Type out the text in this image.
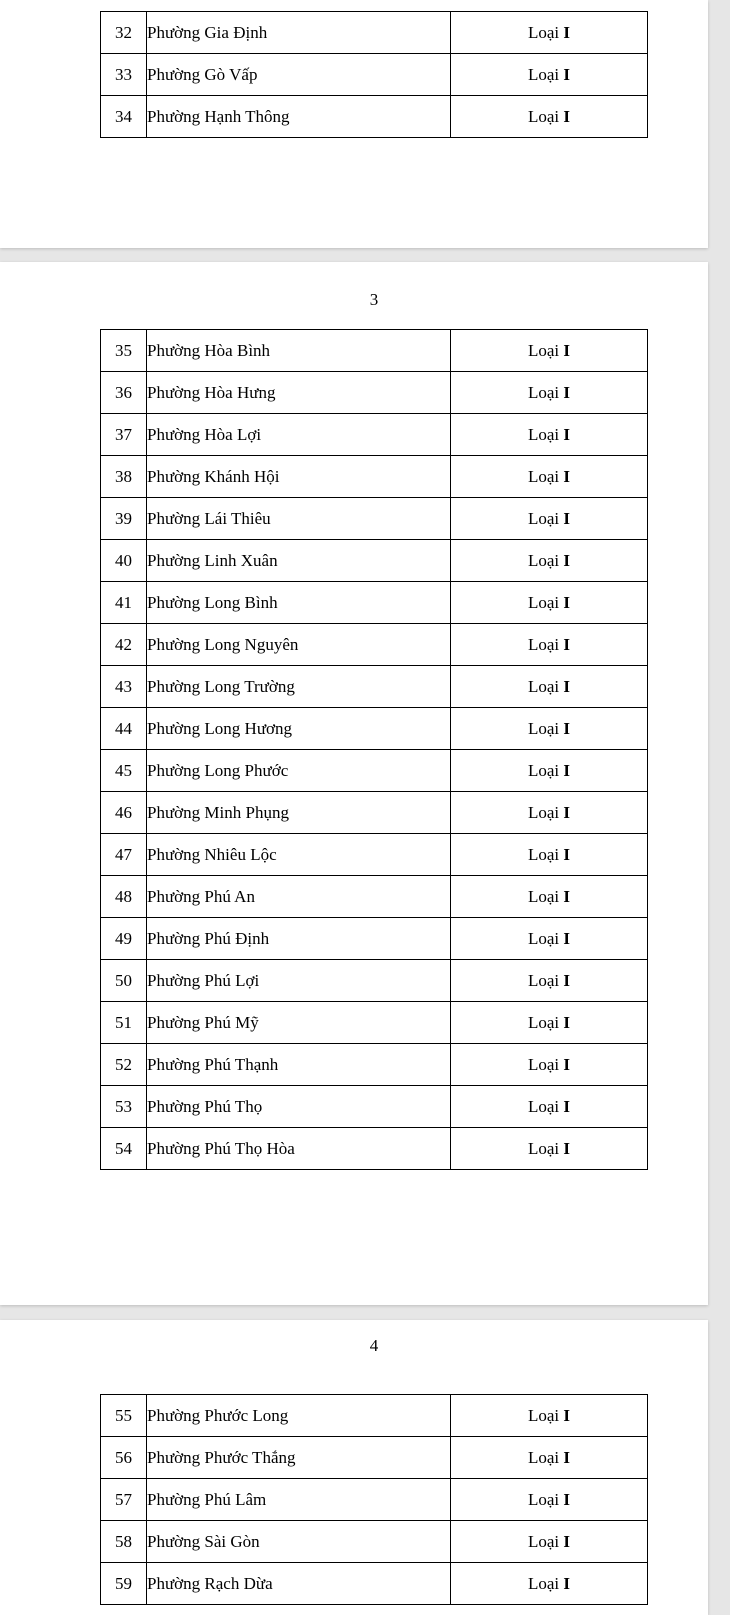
32	Phường Gia Định	Loại I
33	Phường Gò Vấp	Loại I
34	Phường Hạnh Thông	Loại I
3
35	Phường Hòa Bình	Loại I
36	Phường Hòa Hưng	Loại I
37	Phường Hòa Lợi	Loại I
38	Phường Khánh Hội	Loại I
39	Phường Lái Thiêu	Loại I
40	Phường Linh Xuân	Loại I
41	Phường Long Bình	Loại I
42	Phường Long Nguyên	Loại I
43	Phường Long Trường	Loại I
44	Phường Long Hương	Loại I
45	Phường Long Phước	Loại I
46	Phường Minh Phụng	Loại I
47	Phường Nhiêu Lộc	Loại I
48	Phường Phú An	Loại I
49	Phường Phú Định	Loại I
50	Phường Phú Lợi	Loại I
51	Phường Phú Mỹ	Loại I
52	Phường Phú Thạnh	Loại I
53	Phường Phú Thọ	Loại I
54	Phường Phú Thọ Hòa	Loại I
4
55	Phường Phước Long	Loại I
56	Phường Phước Thắng	Loại I
57	Phường Phú Lâm	Loại I
58	Phường Sài Gòn	Loại I
59	Phường Rạch Dừa	Loại I
